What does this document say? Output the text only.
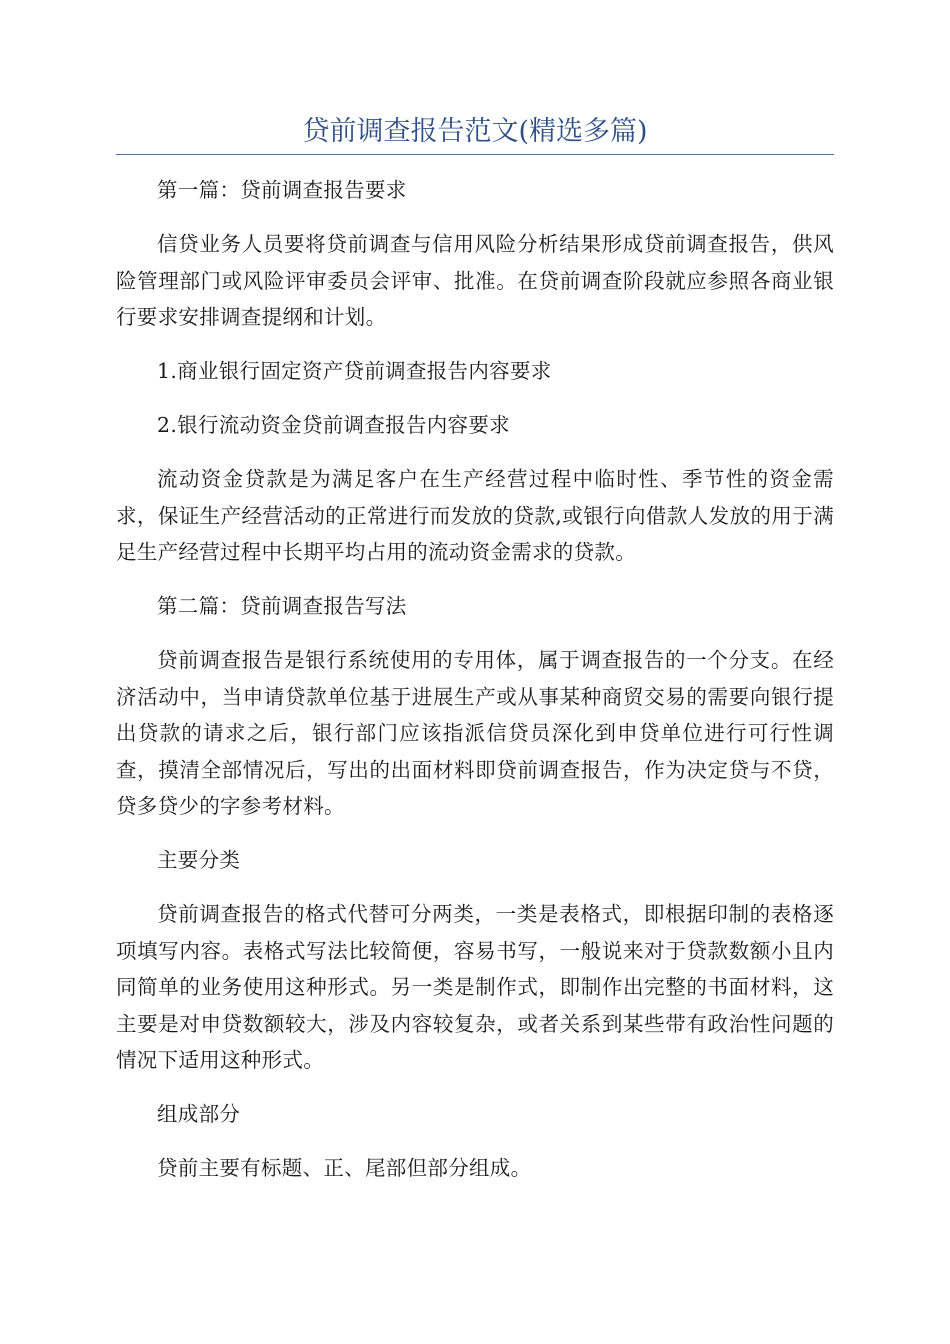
贷前调查报告范文(精选多篇)

第一篇：贷前调查报告要求

信贷业务人员要将贷前调查与信用风险分析结果形成贷前调查报告，供风险管理部门或风险评审委员会评审、批准。在贷前调查阶段就应参照各商业银行要求安排调查提纲和计划。

1.商业银行固定资产贷前调查报告内容要求

2.银行流动资金贷前调查报告内容要求

流动资金贷款是为满足客户在生产经营过程中临时性、季节性的资金需求，保证生产经营活动的正常进行而发放的贷款,或银行向借款人发放的用于满足生产经营过程中长期平均占用的流动资金需求的贷款。

第二篇：贷前调查报告写法

贷前调查报告是银行系统使用的专用体，属于调查报告的一个分支。在经济活动中，当申请贷款单位基于进展生产或从事某种商贸交易的需要向银行提出贷款的请求之后，银行部门应该指派信贷员深化到申贷单位进行可行性调查，摸清全部情况后，写出的出面材料即贷前调查报告，作为决定贷与不贷，贷多贷少的字参考材料。

主要分类

贷前调查报告的格式代替可分两类，一类是表格式，即根据印制的表格逐项填写内容。表格式写法比较简便，容易书写，一般说来对于贷款数额小且内同简单的业务使用这种形式。另一类是制作式，即制作出完整的书面材料，这主要是对申贷数额较大，涉及内容较复杂，或者关系到某些带有政治性问题的情况下适用这种形式。

组成部分

贷前主要有标题、正、尾部但部分组成。
